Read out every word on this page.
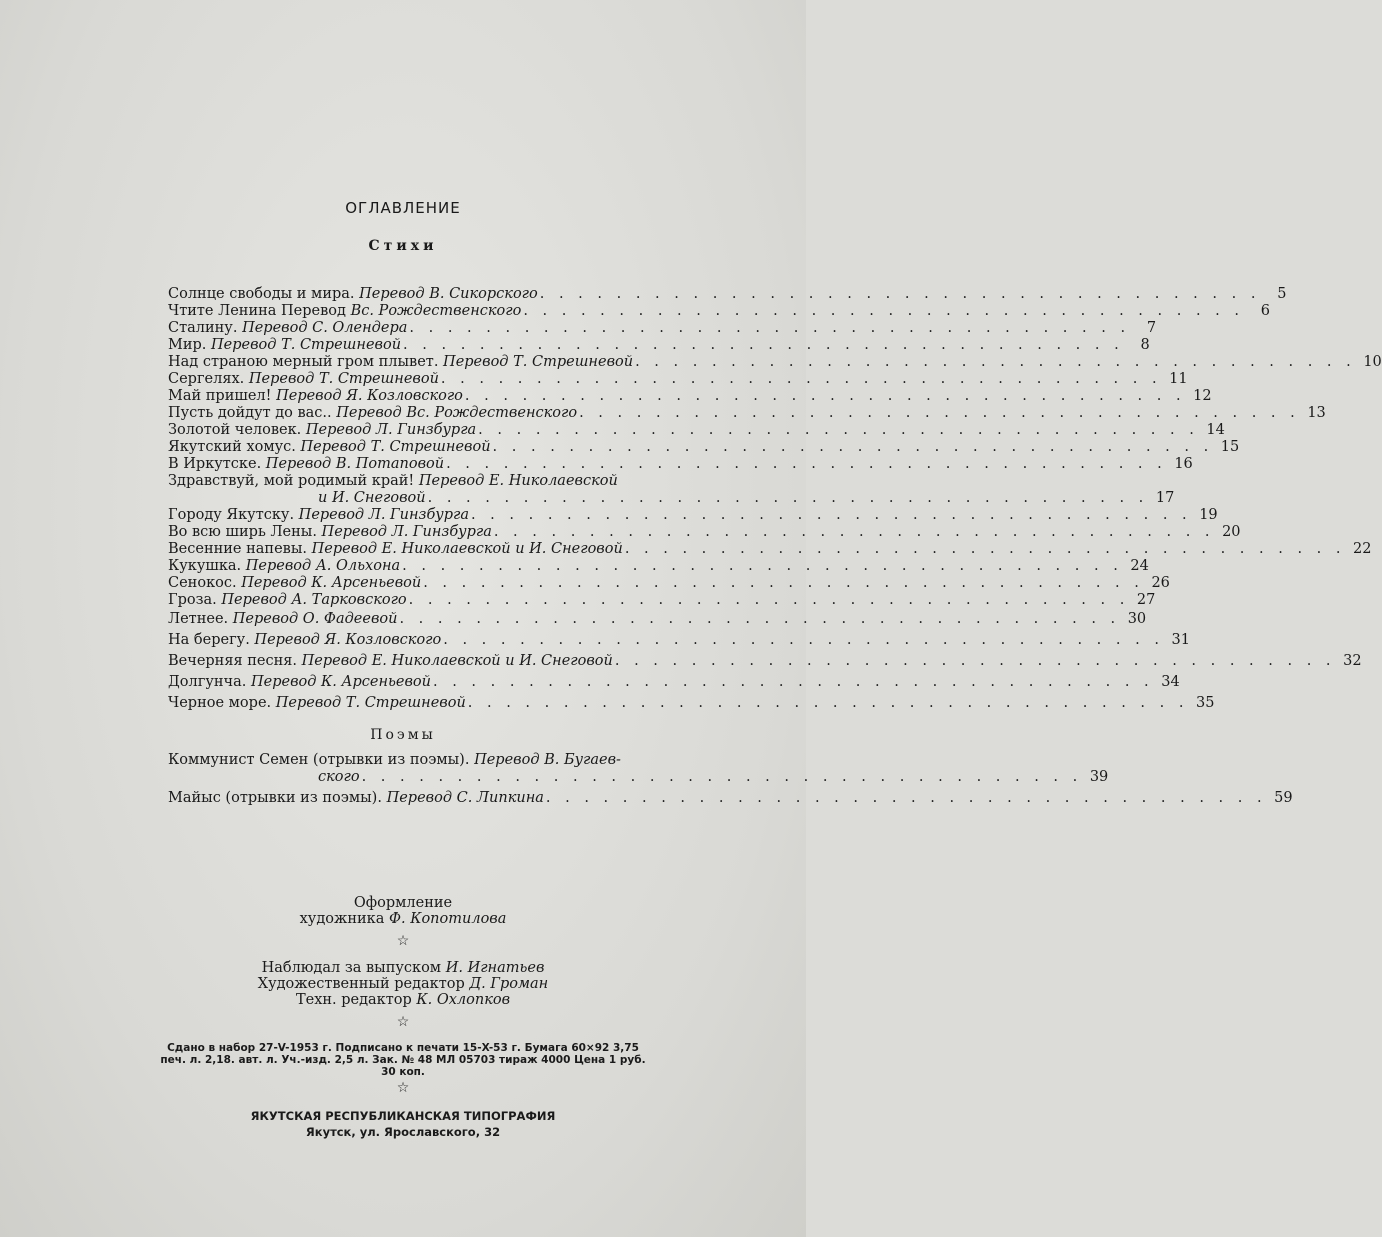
ОГЛАВЛЕНИЕ
Стихи
Солнце свободы и мира. Перевод В. Сикорского . . . . . . . . . . . . . . . . . . . . . . . . . . . . . . . . . . . . . .	5
Чтите Ленина Перевод Вс. Рождественского . . . . . . . . . . . . . . . . . . . . . . . . . . . . . . . . . . . . . .	6
Сталину. Перевод С. Олендера . . . . . . . . . . . . . . . . . . . . . . . . . . . . . . . . . . . . . .	7
Мир. Перевод Т. Стрешневой . . . . . . . . . . . . . . . . . . . . . . . . . . . . . . . . . . . . . .	8
Над страною мерный гром плывет. Перевод Т. Стрешневой . . . . . . . . . . . . . . . . . . . . . . . . . . . . . . . . . . . . . . 10
Сергелях. Перевод Т. Стрешневой . . . . . . . . . . . . . . . . . . . . . . . . . . . . . . . . . . . . . . 11
Май пришел! Перевод Я. Козловского . . . . . . . . . . . . . . . . . . . . . . . . . . . . . . . . . . . . . . 12
Пусть дойдут до вас.. Перевод Вс. Рождественского . . . . . . . . . . . . . . . . . . . . . . . . . . . . . . . . . . . . . . 13
Золотой человек. Перевод Л. Гинзбурга . . . . . . . . . . . . . . . . . . . . . . . . . . . . . . . . . . . . . . 14
Якутский хомус. Перевод Т. Стрешневой . . . . . . . . . . . . . . . . . . . . . . . . . . . . . . . . . . . . . . 15
В Иркутске. Перевод В. Потаповой . . . . . . . . . . . . . . . . . . . . . . . . . . . . . . . . . . . . . . 16
Здравствуй, мой родимый край! Перевод Е. Николаевской
и И. Снеговой . . . . . . . . . . . . . . . . . . . . . . . . . . . . . . . . . . . . . . 17
Городу Якутску. Перевод Л. Гинзбурга . . . . . . . . . . . . . . . . . . . . . . . . . . . . . . . . . . . . . . 19
Во всю ширь Лены. Перевод Л. Гинзбурга . . . . . . . . . . . . . . . . . . . . . . . . . . . . . . . . . . . . . . 20
Весенние напевы. Перевод Е. Николаевской и И. Снеговой . . . . . . . . . . . . . . . . . . . . . . . . . . . . . . . . . . . . . . 22
Кукушка. Перевод А. Ольхона . . . . . . . . . . . . . . . . . . . . . . . . . . . . . . . . . . . . . . 24
Сенокос. Перевод К. Арсеньевой . . . . . . . . . . . . . . . . . . . . . . . . . . . . . . . . . . . . . . 26
Гроза. Перевод А. Тарковского . . . . . . . . . . . . . . . . . . . . . . . . . . . . . . . . . . . . . . 27
Летнее. Перевод О. Фадеевой . . . . . . . . . . . . . . . . . . . . . . . . . . . . . . . . . . . . . . 30
На берегу. Перевод Я. Козловского . . . . . . . . . . . . . . . . . . . . . . . . . . . . . . . . . . . . . . 31
Вечерняя песня. Перевод Е. Николаевской и И. Снеговой . . . . . . . . . . . . . . . . . . . . . . . . . . . . . . . . . . . . . . 32
Долгунча. Перевод К. Арсеньевой . . . . . . . . . . . . . . . . . . . . . . . . . . . . . . . . . . . . . . 34
Черное море. Перевод Т. Стрешневой . . . . . . . . . . . . . . . . . . . . . . . . . . . . . . . . . . . . . . 35
Поэмы
Коммунист Семен (отрывки из поэмы). Перевод В. Бугаев-
ского . . . . . . . . . . . . . . . . . . . . . . . . . . . . . . . . . . . . . . 39
Майыс (отрывки из поэмы). Перевод С. Липкина . . . . . . . . . . . . . . . . . . . . . . . . . . . . . . . . . . . . . . 59
Оформление
художника Ф. Копотилова
☆
Наблюдал за выпуском И. Игнатьев
Художественный редактор Д. Громан
Техн. редактор К. Охлопков
☆
Сдано в набор 27-V-1953 г. Подписано к печати 15-X-53 г. Бумага 60×92 3,75
печ. л. 2,18. авт. л. Уч.-изд. 2,5 л. Зак. № 48 МЛ 05703 тираж 4000 Цена 1 руб.
30 коп.
☆
ЯКУТСКАЯ РЕСПУБЛИКАНСКАЯ ТИПОГРАФИЯ
Якутск, ул. Ярославского, 32
